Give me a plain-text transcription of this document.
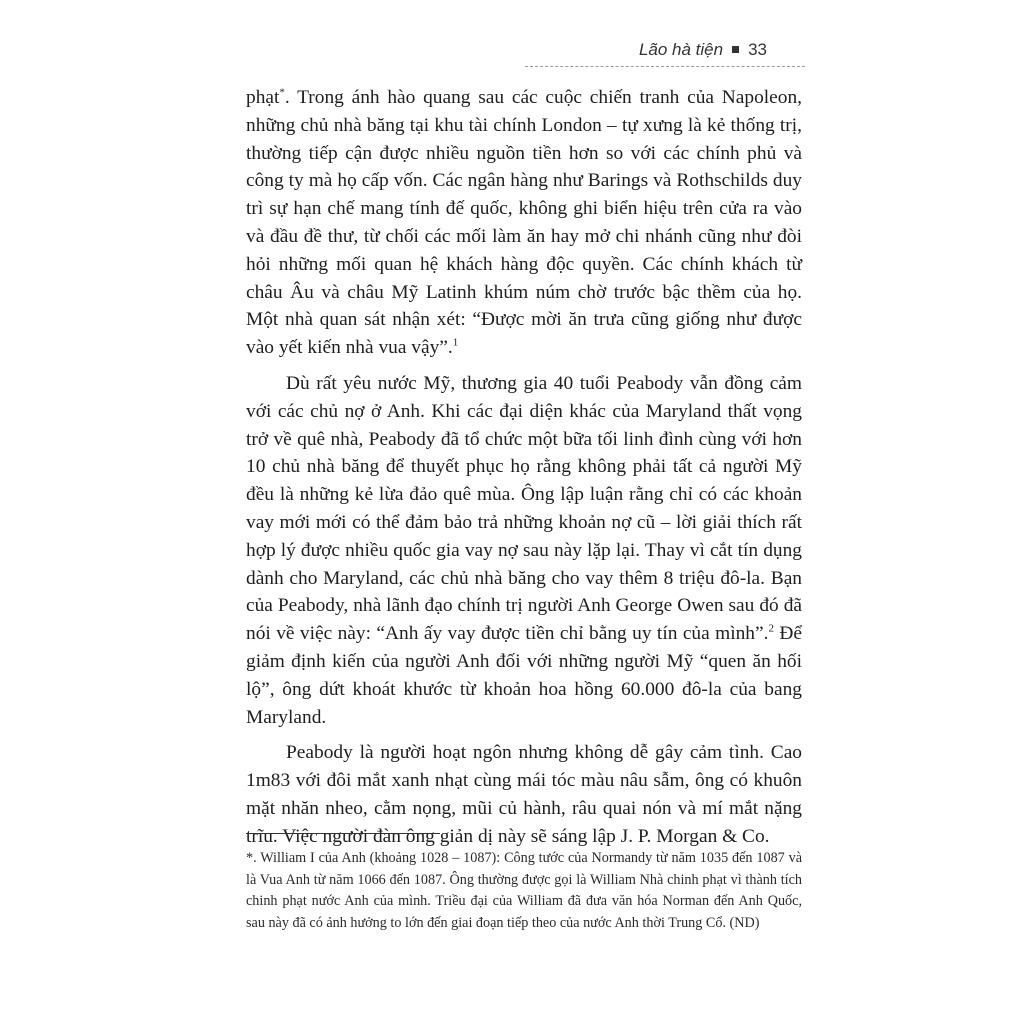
Lão hà tiện 33

phạt*. Trong ánh hào quang sau các cuộc chiến tranh của Napoleon, những chủ nhà băng tại khu tài chính London – tự xưng là kẻ thống trị, thường tiếp cận được nhiều nguồn tiền hơn so với các chính phủ và công ty mà họ cấp vốn. Các ngân hàng như Barings và Rothschilds duy trì sự hạn chế mang tính đế quốc, không ghi biển hiệu trên cửa ra vào và đầu đề thư, từ chối các mối làm ăn hay mở chi nhánh cũng như đòi hỏi những mối quan hệ khách hàng độc quyền. Các chính khách từ châu Âu và châu Mỹ Latinh khúm núm chờ trước bậc thềm của họ. Một nhà quan sát nhận xét: “Được mời ăn trưa cũng giống như được vào yết kiến nhà vua vậy”.$^1$

Dù rất yêu nước Mỹ, thương gia 40 tuổi Peabody vẫn đồng cảm với các chủ nợ ở Anh. Khi các đại diện khác của Maryland thất vọng trở về quê nhà, Peabody đã tổ chức một bữa tối linh đình cùng với hơn 10 chủ nhà băng để thuyết phục họ rằng không phải tất cả người Mỹ đều là những kẻ lừa đảo quê mùa. Ông lập luận rằng chỉ có các khoản vay mới mới có thể đảm bảo trả những khoản nợ cũ – lời giải thích rất hợp lý được nhiều quốc gia vay nợ sau này lặp lại. Thay vì cắt tín dụng dành cho Maryland, các chủ nhà băng cho vay thêm 8 triệu đô-la. Bạn của Peabody, nhà lãnh đạo chính trị người Anh George Owen sau đó đã nói về việc này: “Anh ấy vay được tiền chỉ bằng uy tín của mình”.$^2$ Để giảm định kiến của người Anh đối với những người Mỹ “quen ăn hối lộ”, ông dứt khoát khước từ khoản hoa hồng 60.000 đô-la của bang Maryland.

Peabody là người hoạt ngôn nhưng không dễ gây cảm tình. Cao 1m83 với đôi mắt xanh nhạt cùng mái tóc màu nâu sẫm, ông có khuôn mặt nhăn nheo, cằm nọng, mũi củ hành, râu quai nón và mí mắt nặng trĩu. Việc người đàn ông giản dị này sẽ sáng lập J. P. Morgan & Co.

*. William I của Anh (khoảng 1028 – 1087): Công tước của Normandy từ năm 1035 đến 1087 và là Vua Anh từ năm 1066 đến 1087. Ông thường được gọi là William Nhà chinh phạt vì thành tích chinh phạt nước Anh của mình. Triều đại của William đã đưa văn hóa Norman đến Anh Quốc, sau này đã có ảnh hưởng to lớn đến giai đoạn tiếp theo của nước Anh thời Trung Cổ. (ND)
